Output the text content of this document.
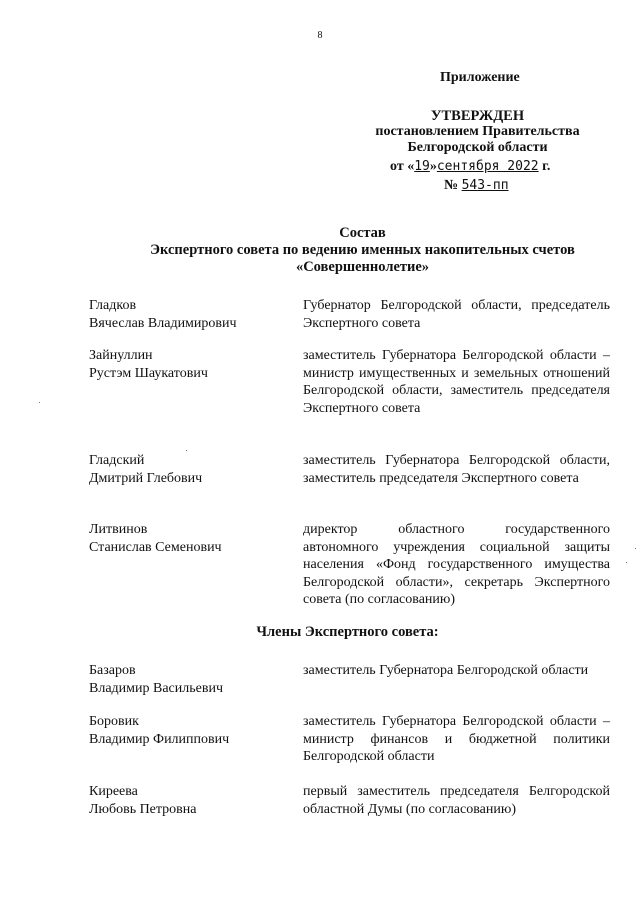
8
Приложение
УТВЕРЖДЕН
постановлением Правительства
Белгородской области
от «19»сентября 2022 г.
№ 543-пп
Состав
Экспертного совета по ведению именных накопительных счетов
«Совершеннолетие»
Гладков
Вячеслав Владимирович
Губернатор Белгородской области, председатель Экспертного совета
Зайнуллин
Рустэм Шаукатович
заместитель Губернатора Белгородской области – министр имущественных и земельных отношений Белгородской области, заместитель председателя Экспертного совета
Гладский
Дмитрий Глебович
заместитель Губернатора Белгородской области, заместитель председателя Экспертного совета
Литвинов
Станислав Семенович
директор областного государственного автономного учреждения социальной защиты населения «Фонд государственного имущества Белгородской области», секретарь Экспертного совета (по согласованию)
Члены Экспертного совета:
Базаров
Владимир Васильевич
заместитель Губернатора Белгородской области
Боровик
Владимир Филиппович
заместитель Губернатора Белгородской области – министр финансов и бюджетной политики Белгородской области
Киреева
Любовь Петровна
первый заместитель председателя Белгородской областной Думы (по согласованию)
